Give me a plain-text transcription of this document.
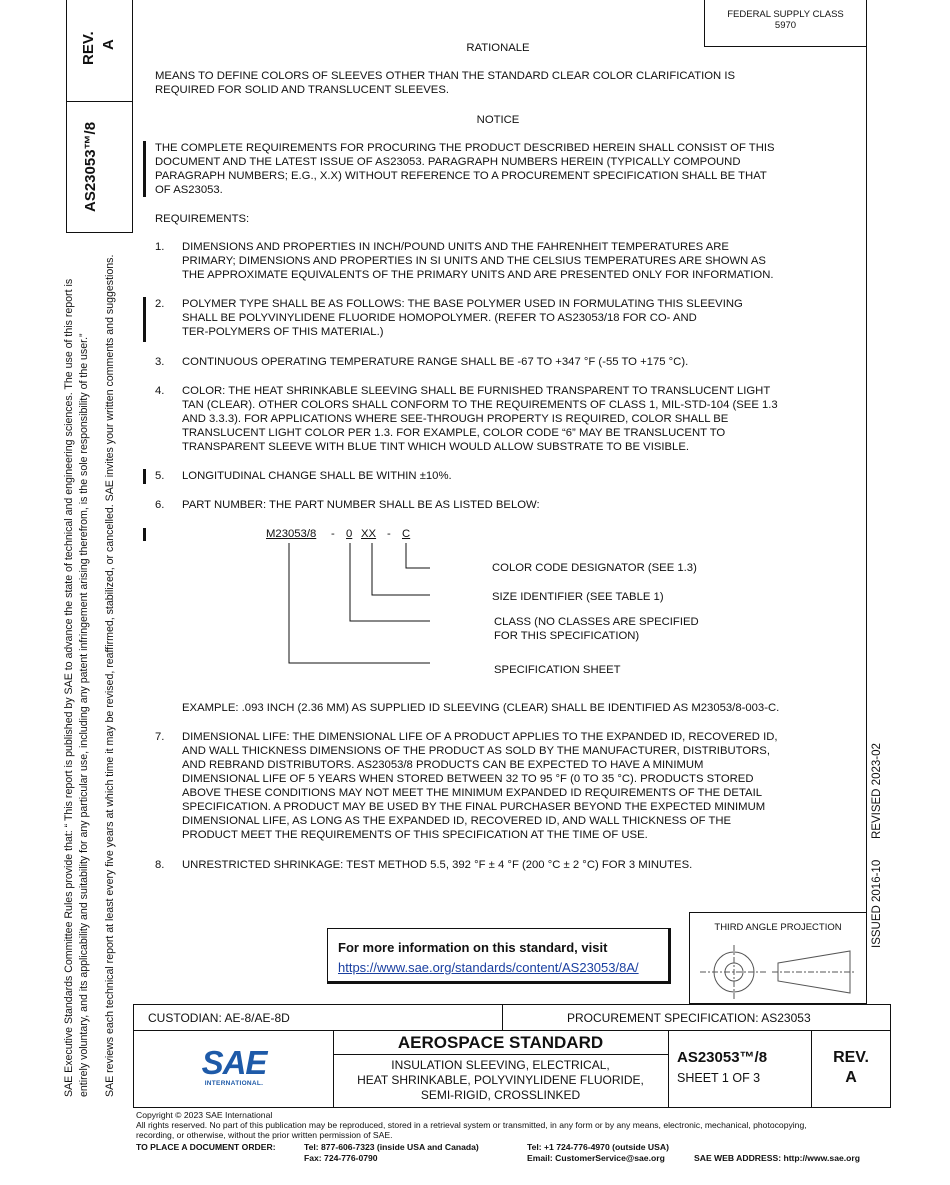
REV. A
AS23053™/8
SAE Executive Standards Committee Rules provide that: “ This report is published by SAE to advance the state of technical and engineering sciences. The use of this report is entirely voluntary, and its applicability and suitability for any particular use, including any patent infringement arising therefrom, is the sole responsibility of the user.” SAE reviews each technical report at least every five years at which time it may be revised, reaffirmed, stabilized, or cancelled. SAE invites your written comments and suggestions.	ISSUED 2016-10
REVISED 2023-02
FEDERAL SUPPLY CLASS
5970
RATIONALE
MEANS TO DEFINE COLORS OF SLEEVES OTHER THAN THE STANDARD CLEAR COLOR CLARIFICATION IS
REQUIRED FOR SOLID AND TRANSLUCENT SLEEVES.
NOTICE
THE COMPLETE REQUIREMENTS FOR PROCURING THE PRODUCT DESCRIBED HEREIN SHALL CONSIST OF THIS
DOCUMENT AND THE LATEST ISSUE OF AS23053. PARAGRAPH NUMBERS HEREIN (TYPICALLY COMPOUND
PARAGRAPH NUMBERS; E.G., X.X) WITHOUT REFERENCE TO A PROCUREMENT SPECIFICATION SHALL BE THAT
OF AS23053.
REQUIREMENTS:
1. DIMENSIONS AND PROPERTIES IN INCH/POUND UNITS AND THE FAHRENHEIT TEMPERATURES ARE
PRIMARY; DIMENSIONS AND PROPERTIES IN SI UNITS AND THE CELSIUS TEMPERATURES ARE SHOWN AS
THE APPROXIMATE EQUIVALENTS OF THE PRIMARY UNITS AND ARE PRESENTED ONLY FOR INFORMATION.
2. POLYMER TYPE SHALL BE AS FOLLOWS: THE BASE POLYMER USED IN FORMULATING THIS SLEEVING
SHALL BE POLYVINYLIDENE FLUORIDE HOMOPOLYMER. (REFER TO AS23053/18 FOR CO- AND
TER-POLYMERS OF THIS MATERIAL.)
3. CONTINUOUS OPERATING TEMPERATURE RANGE SHALL BE -67 TO +347 °F (-55 TO +175 °C).
4. COLOR: THE HEAT SHRINKABLE SLEEVING SHALL BE FURNISHED TRANSPARENT TO TRANSLUCENT LIGHT
TAN (CLEAR). OTHER COLORS SHALL CONFORM TO THE REQUIREMENTS OF CLASS 1, MIL-STD-104 (SEE 1.3
AND 3.3.3). FOR APPLICATIONS WHERE SEE-THROUGH PROPERTY IS REQUIRED, COLOR SHALL BE
TRANSLUCENT LIGHT COLOR PER 1.3. FOR EXAMPLE, COLOR CODE “6” MAY BE TRANSLUCENT TO
TRANSPARENT SLEEVE WITH BLUE TINT WHICH WOULD ALLOW SUBSTRATE TO BE VISIBLE.
5. LONGITUDINAL CHANGE SHALL BE WITHIN ±10%.
6. PART NUMBER: THE PART NUMBER SHALL BE AS LISTED BELOW:
M23053/8 - 0 XX - C
COLOR CODE DESIGNATOR (SEE 1.3)
SIZE IDENTIFIER (SEE TABLE 1)
CLASS (NO CLASSES ARE SPECIFIED
FOR THIS SPECIFICATION)
SPECIFICATION SHEET
EXAMPLE: .093 INCH (2.36 MM) AS SUPPLIED ID SLEEVING (CLEAR) SHALL BE IDENTIFIED AS M23053/8-003-C.
7. DIMENSIONAL LIFE: THE DIMENSIONAL LIFE OF A PRODUCT APPLIES TO THE EXPANDED ID, RECOVERED ID,
AND WALL THICKNESS DIMENSIONS OF THE PRODUCT AS SOLD BY THE MANUFACTURER, DISTRIBUTORS,
AND REBRAND DISTRIBUTORS. AS23053/8 PRODUCTS CAN BE EXPECTED TO HAVE A MINIMUM
DIMENSIONAL LIFE OF 5 YEARS WHEN STORED BETWEEN 32 TO 95 °F (0 TO 35 °C). PRODUCTS STORED
ABOVE THESE CONDITIONS MAY NOT MEET THE MINIMUM EXPANDED ID REQUIREMENTS OF THE DETAIL
SPECIFICATION. A PRODUCT MAY BE USED BY THE FINAL PURCHASER BEYOND THE EXPECTED MINIMUM
DIMENSIONAL LIFE, AS LONG AS THE EXPANDED ID, RECOVERED ID, AND WALL THICKNESS OF THE
PRODUCT MEET THE REQUIREMENTS OF THIS SPECIFICATION AT THE TIME OF USE.
8. UNRESTRICTED SHRINKAGE: TEST METHOD 5.5, 392 °F ± 4 °F (200 °C ± 2 °C) FOR 3 MINUTES.
For more information on this standard, visit
https://www.sae.org/standards/content/AS23053/8A/
THIRD ANGLE PROJECTION
CUSTODIAN: AE-8/AE-8D	PROCUREMENT SPECIFICATION: AS23053
SAE
INTERNATIONAL.
AEROSPACE STANDARD
INSULATION SLEEVING, ELECTRICAL,
HEAT SHRINKABLE, POLYVINYLIDENE FLUORIDE,
SEMI-RIGID, CROSSLINKED
AS23053™/8
SHEET 1 OF 3
REV.
A
Copyright © 2023 SAE International
All rights reserved. No part of this publication may be reproduced, stored in a retrieval system or transmitted, in any form or by any means, electronic, mechanical, photocopying,
recording, or otherwise, without the prior written permission of SAE.
TO PLACE A DOCUMENT ORDER:	Tel: 877-606-7323 (inside USA and Canada)
Fax: 724-776-0790
Tel: +1 724-776-4970 (outside USA)
Email: CustomerService@sae.org	SAE WEB ADDRESS: http://www.sae.org
